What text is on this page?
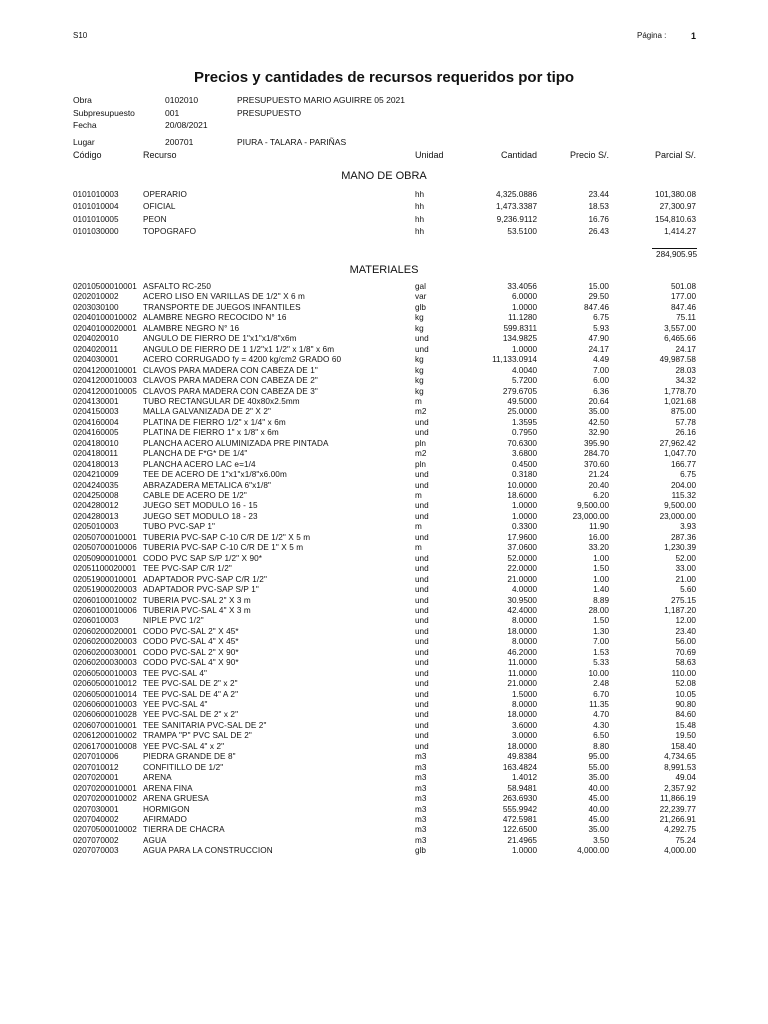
S10	Página :	1
Precios y cantidades de recursos requeridos por tipo
Obra	0102010	PRESUPUESTO MARIO AGUIRRE 05 2021
Subpresupuesto	001	PRESUPUESTO
Fecha	20/08/2021
Lugar	200701	PIURA - TALARA - PARIÑAS
Código	Recurso	Unidad	Cantidad	Precio S/.	Parcial S/.
MANO DE OBRA
0101010003	OPERARIO	hh	4,325.0886	23.44	101,380.08
0101010004	OFICIAL	hh	1,473.3387	18.53	27,300.97
0101010005	PEON	hh	9,236.9112	16.76	154,810.63
0101030000	TOPOGRAFO	hh	53.5100	26.43	1,414.27
284,905.95
MATERIALES
02010500010001 ASFALTO RC-250	gal	33.4056	15.00	501.08
0202010002	ACERO LISO EN VARILLAS DE 1/2" X 6 m	var	6.0000	29.50	177.00
0203030100	TRANSPORTE DE JUEGOS INFANTILES	glb	1.0000	847.46	847.46
02040100010002 ALAMBRE NEGRO RECOCIDO N° 16	kg	11.1280	6.75	75.11
02040100020001 ALAMBRE NEGRO N° 16	kg	599.8311	5.93	3,557.00
0204020010	ANGULO DE FIERRO DE 1"x1"x1/8"x6m	und	134.9825	47.90	6,465.66
0204020011	ANGULO DE FIERRO DE 1 1/2"x1 1/2" x 1/8" x 6m	und	1.0000	24.17	24.17
0204030001	ACERO CORRUGADO fy = 4200 kg/cm2 GRADO 60	kg	11,133.0914	4.49	49,987.58
02041200010001 CLAVOS PARA MADERA CON CABEZA DE 1"	kg	4.0040	7.00	28.03
02041200010003 CLAVOS PARA MADERA CON CABEZA DE 2"	kg	5.7200	6.00	34.32
02041200010005 CLAVOS PARA MADERA CON CABEZA DE 3"	kg	279.6705	6.36	1,778.70
0204130001	TUBO RECTANGULAR DE 40x80x2.5mm	m	49.5000	20.64	1,021.68
0204150003	MALLA GALVANIZADA DE 2" X 2"	m2	25.0000	35.00	875.00
0204160004	PLATINA DE FIERRO 1/2" x 1/4" x 6m	und	1.3595	42.50	57.78
0204160005	PLATINA DE FIERRO 1" x 1/8" x 6m	und	0.7950	32.90	26.16
0204180010	PLANCHA ACERO ALUMINIZADA PRE PINTADA	pln	70.6300	395.90	27,962.42
0204180011	PLANCHA DE F*G* DE 1/4"	m2	3.6800	284.70	1,047.70
0204180013	PLANCHA ACERO LAC e=1/4	pln	0.4500	370.60	166.77
0204210009	TEE DE ACERO DE 1"x1"x1/8"x6.00m	und	0.3180	21.24	6.75
0204240035	ABRAZADERA METALICA 6"x1/8"	und	10.0000	20.40	204.00
0204250008	CABLE DE ACERO DE 1/2"	m	18.6000	6.20	115.32
0204280012	JUEGO SET MODULO 16 - 15	und	1.0000	9,500.00	9,500.00
0204280013	JUEGO SET MODULO 18 - 23	und	1.0000	23,000.00	23,000.00
0205010003	TUBO PVC-SAP 1"	m	0.3300	11.90	3.93
02050700010001 TUBERIA PVC-SAP C-10 C/R DE 1/2" X 5 m	und	17.9600	16.00	287.36
02050700010006 TUBERIA PVC-SAP C-10 C/R DE 1" X 5 m	m	37.0600	33.20	1,230.39
02050900010001 CODO PVC SAP S/P 1/2" X 90*	und	52.0000	1.00	52.00
02051100020001 TEE PVC-SAP C/R 1/2"	und	22.0000	1.50	33.00
02051900010001 ADAPTADOR PVC-SAP C/R 1/2"	und	21.0000	1.00	21.00
02051900020003 ADAPTADOR PVC-SAP S/P 1"	und	4.0000	1.40	5.60
02060100010002 TUBERIA PVC-SAL 2" X 3 m	und	30.9500	8.89	275.15
02060100010006 TUBERIA PVC-SAL 4" X 3 m	und	42.4000	28.00	1,187.20
0206010003	NIPLE PVC 1/2"	und	8.0000	1.50	12.00
02060200020001 CODO PVC-SAL 2" X 45*	und	18.0000	1.30	23.40
02060200020003 CODO PVC-SAL 4" X 45*	und	8.0000	7.00	56.00
02060200030001 CODO PVC-SAL 2" X 90*	und	46.2000	1.53	70.69
02060200030003 CODO PVC-SAL 4" X 90*	und	11.0000	5.33	58.63
02060500010003 TEE PVC-SAL 4"	und	11.0000	10.00	110.00
02060500010012 TEE PVC-SAL DE 2" x 2"	und	21.0000	2.48	52.08
02060500010014 TEE PVC-SAL DE 4" A 2"	und	1.5000	6.70	10.05
02060600010003 YEE PVC-SAL 4"	und	8.0000	11.35	90.80
02060600010028 YEE PVC-SAL DE 2" x 2"	und	18.0000	4.70	84.60
02060700010001 TEE SANITARIA PVC-SAL DE 2"	und	3.6000	4.30	15.48
02061200010002 TRAMPA "P" PVC SAL DE 2"	und	3.0000	6.50	19.50
02061700010008 YEE PVC-SAL 4" x 2"	und	18.0000	8.80	158.40
0207010006	PIEDRA GRANDE DE 8"	m3	49.8384	95.00	4,734.65
0207010012	CONFITILLO DE 1/2"	m3	163.4824	55.00	8,991.53
0207020001	ARENA	m3	1.4012	35.00	49.04
02070200010001 ARENA FINA	m3	58.9481	40.00	2,357.92
02070200010002 ARENA GRUESA	m3	263.6930	45.00	11,866.19
0207030001	HORMIGON	m3	555.9942	40.00	22,239.77
0207040002	AFIRMADO	m3	472.5981	45.00	21,266.91
02070500010002 TIERRA DE CHACRA	m3	122.6500	35.00	4,292.75
0207070002	AGUA	m3	21.4965	3.50	75.24
0207070003	AGUA PARA LA CONSTRUCCION	glb	1.0000	4,000.00	4,000.00
